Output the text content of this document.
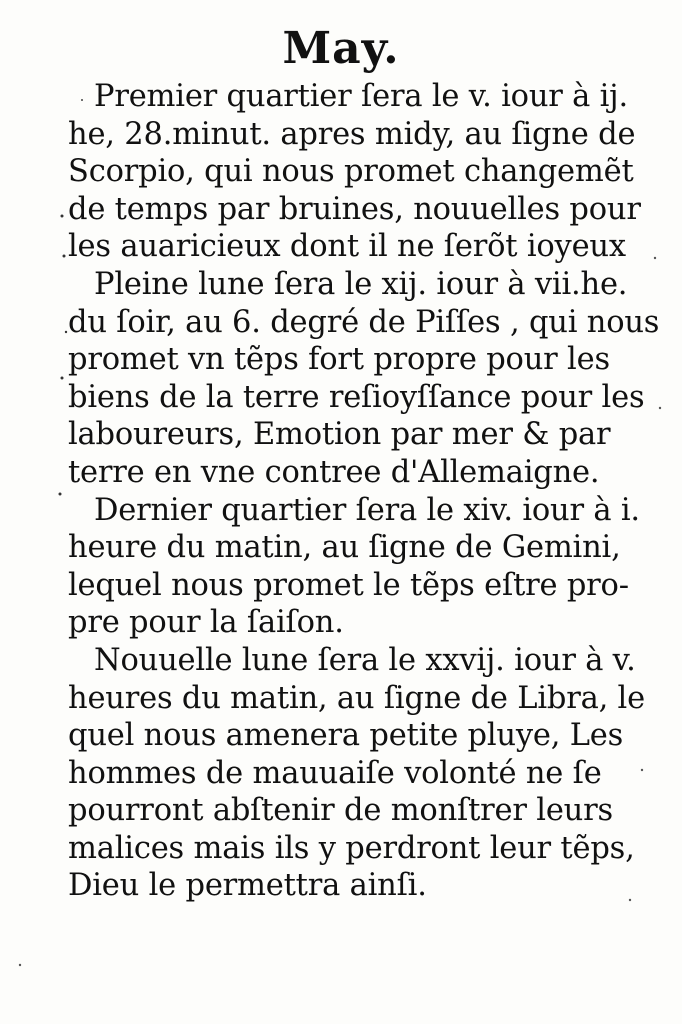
May.
Premier quartier ſera le v. iour à ij.
he, 28.minut. apres midy, au ſigne de
Scorpio, qui nous promet changemẽt
de temps par bruines, nouuelles pour
les auaricieux dont il ne ſerõt ioyeux
Pleine lune ſera le xij. iour à vii.he.
du ſoir, au 6. degré de Piſſes , qui nous
promet vn tẽps fort propre pour les
biens de la terre reſioyſſance pour les
laboureurs, Emotion par mer & par
terre en vne contree d'Allemaigne.
Dernier quartier ſera le xiv. iour à i.
heure du matin, au ſigne de Gemini,
lequel nous promet le tẽps eſtre pro-
pre pour la ſaiſon.
Nouuelle lune ſera le xxvij. iour à v.
heures du matin, au ſigne de Libra, le
quel nous amenera petite pluye, Les
hommes de mauuaiſe volonté ne ſe
pourront abſtenir de monſtrer leurs
malices mais ils y perdront leur tẽps,
Dieu le permettra ainſi.
